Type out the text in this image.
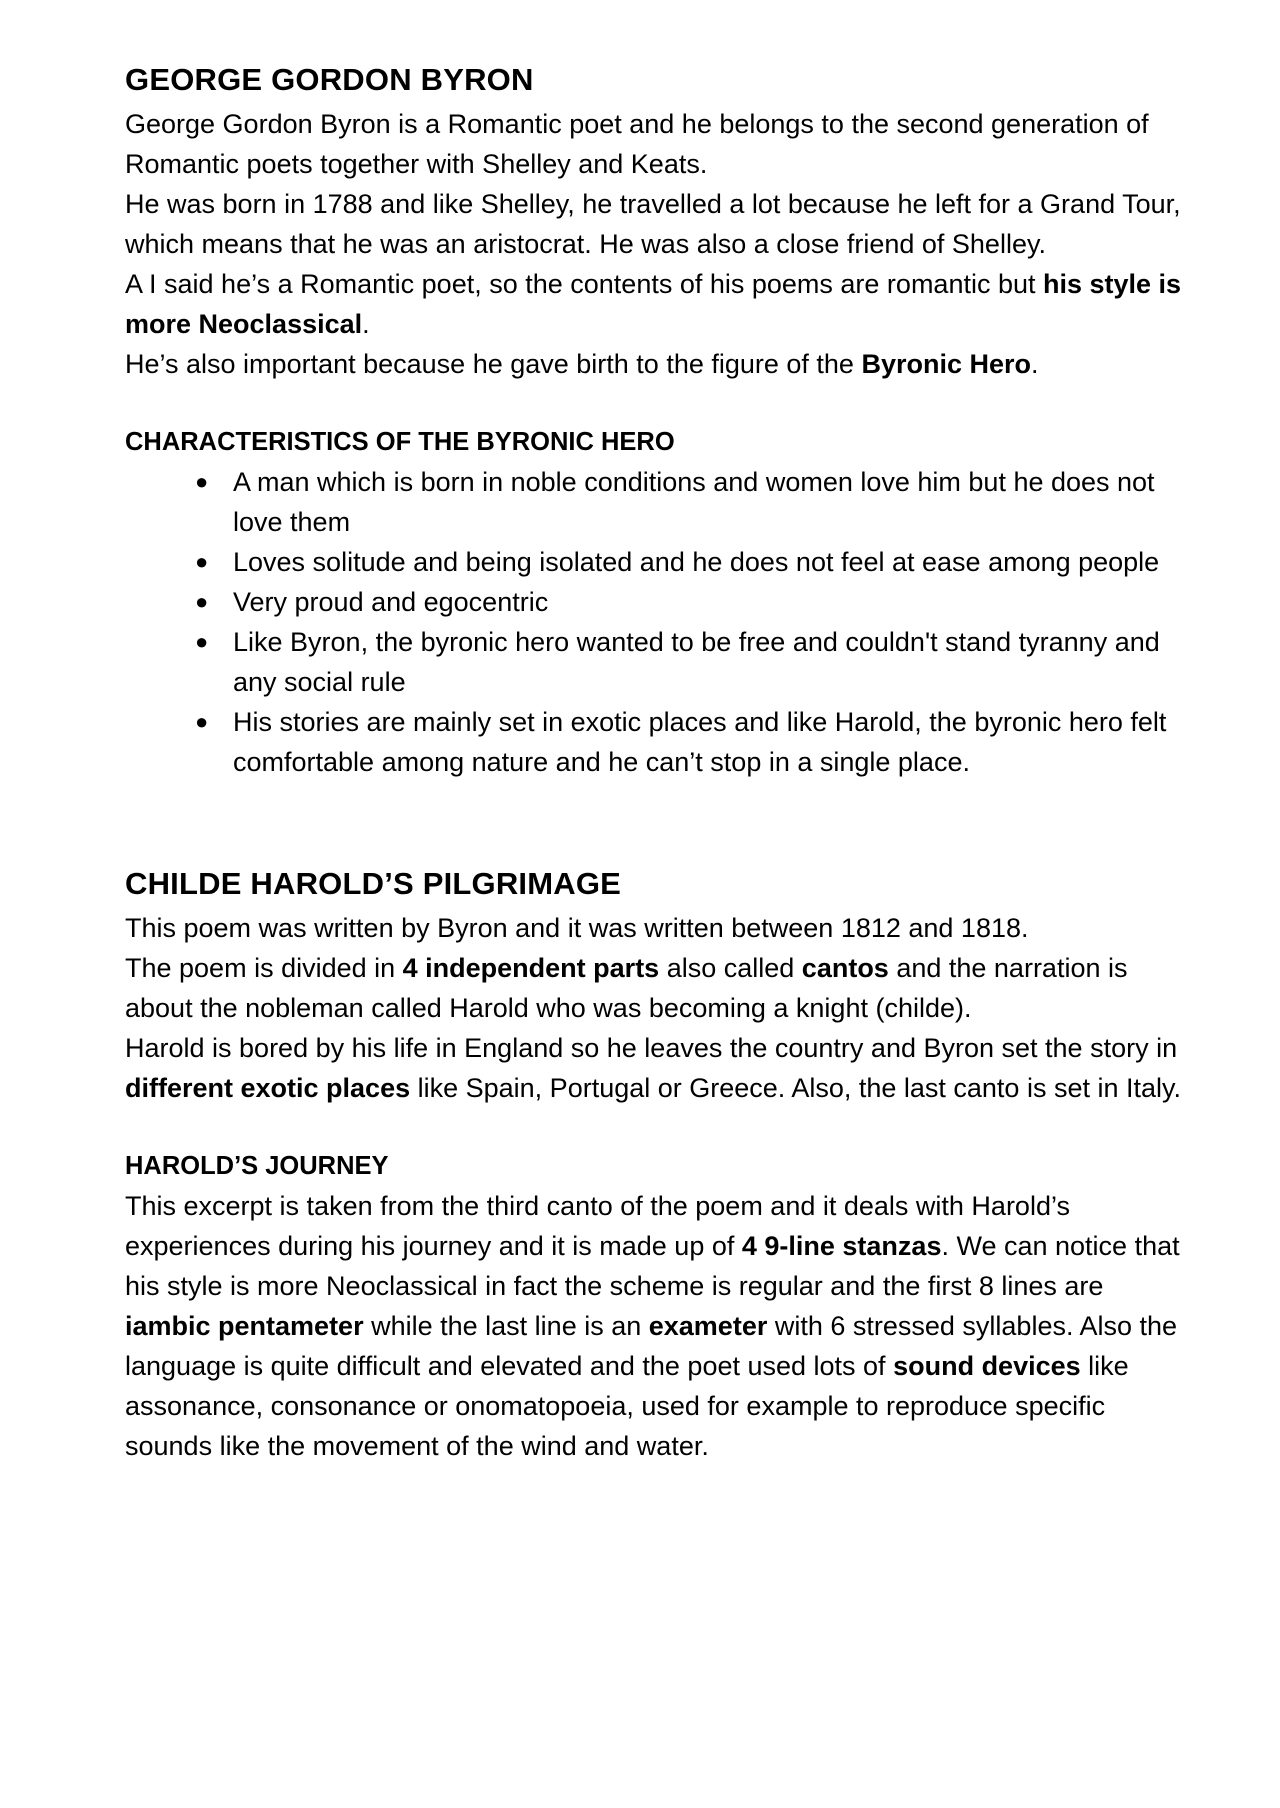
GEORGE GORDON BYRON

George Gordon Byron is a Romantic poet and he belongs to the second generation of Romantic poets together with Shelley and Keats.

He was born in 1788 and like Shelley, he travelled a lot because he left for a Grand Tour, which means that he was an aristocrat. He was also a close friend of Shelley.

A I said he’s a Romantic poet, so the contents of his poems are romantic but his style is more Neoclassical.

He’s also important because he gave birth to the figure of the Byronic Hero.

CHARACTERISTICS OF THE BYRONIC HERO
● A man which is born in noble conditions and women love him but he does not love them
● Loves solitude and being isolated and he does not feel at ease among people
● Very proud and egocentric
● Like Byron, the byronic hero wanted to be free and couldn't stand tyranny and any social rule
● His stories are mainly set in exotic places and like Harold, the byronic hero felt comfortable among nature and he can’t stop in a single place.
CHILDE HAROLD’S PILGRIMAGE

This poem was written by Byron and it was written between 1812 and 1818.

The poem is divided in 4 independent parts also called cantos and the narration is about the nobleman called Harold who was becoming a knight (childe).

Harold is bored by his life in England so he leaves the country and Byron set the story in different exotic places like Spain, Portugal or Greece. Also, the last canto is set in Italy.

HAROLD’S JOURNEY

This excerpt is taken from the third canto of the poem and it deals with Harold’s experiences during his journey and it is made up of 4 9-line stanzas. We can notice that his style is more Neoclassical in fact the scheme is regular and the first 8 lines are iambic pentameter while the last line is an exameter with 6 stressed syllables. Also the language is quite difficult and elevated and the poet used lots of sound devices like assonance, consonance or onomatopoeia, used for example to reproduce specific sounds like the movement of the wind and water.
